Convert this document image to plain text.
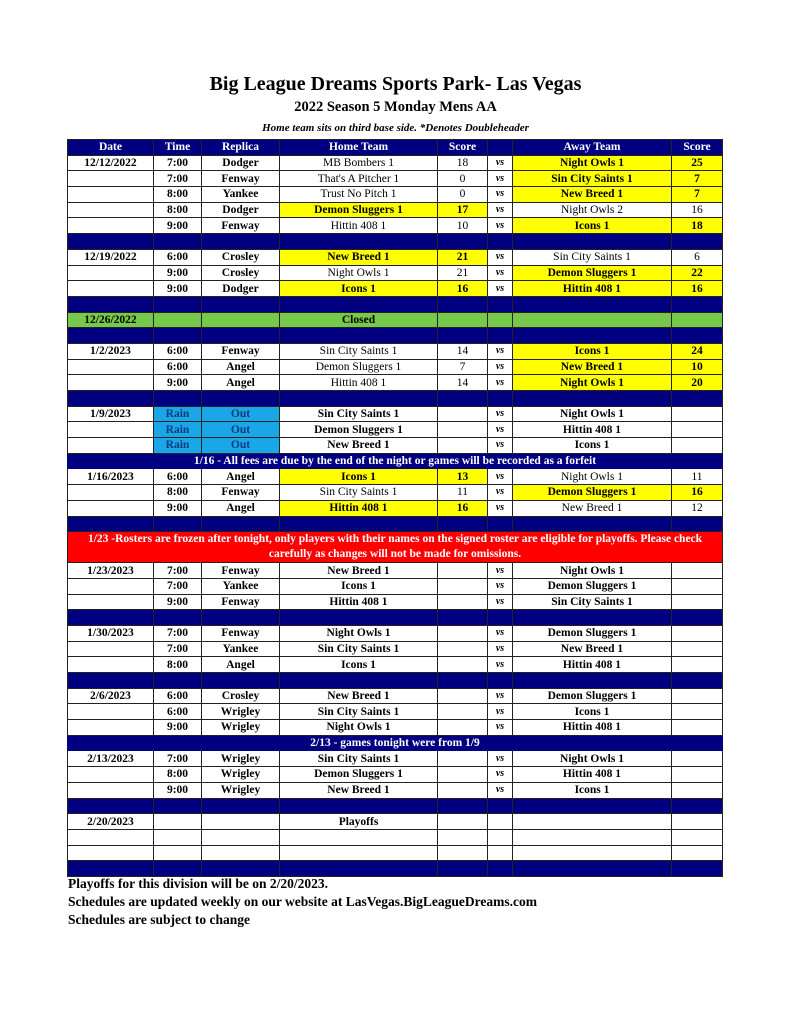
Big League Dreams Sports Park- Las Vegas
2022 Season 5 Monday Mens AA
Home team sits on third base side. *Denotes Doubleheader
Date	Time	Replica	Home Team	Score		Away Team	Score
12/12/2022	7:00	Dodger	MB Bombers 1	18	vs	Night Owls 1	25
	7:00	Fenway	That's A Pitcher 1	0	vs	Sin City Saints 1	7
	8:00	Yankee	Trust No Pitch 1	0	vs	New Breed 1	7
	8:00	Dodger	Demon Sluggers 1	17	vs	Night Owls 2	16
	9:00	Fenway	Hittin 408 1	10	vs	Icons 1	18

12/19/2022	6:00	Crosley	New Breed 1	21	vs	Sin City Saints 1	6
	9:00	Crosley	Night Owls 1	21	vs	Demon Sluggers 1	22
	9:00	Dodger	Icons 1	16	vs	Hittin 408 1	16

12/26/2022			Closed				

1/2/2023	6:00	Fenway	Sin City Saints 1	14	vs	Icons 1	24
	6:00	Angel	Demon Sluggers 1	7	vs	New Breed 1	10
	9:00	Angel	Hittin 408 1	14	vs	Night Owls 1	20

1/9/2023	Rain	Out	Sin City Saints 1		vs	Night Owls 1	
	Rain	Out	Demon Sluggers 1		vs	Hittin 408 1	
	Rain	Out	New Breed 1		vs	Icons 1	
1/16 - All fees are due by the end of the night or games will be recorded as a forfeit							
1/16/2023	6:00	Angel	Icons 1	13	vs	Night Owls 1	11
	8:00	Fenway	Sin City Saints 1	11	vs	Demon Sluggers 1	16
	9:00	Angel	Hittin 408 1	16	vs	New Breed 1	12

1/23 -Rosters are frozen after tonight, only players with their names on the signed roster are eligible for playoffs. Please check carefully as changes will not be made for omissions.							
1/23/2023	7:00	Fenway	New Breed 1		vs	Night Owls 1	
	7:00	Yankee	Icons 1		vs	Demon Sluggers 1	
	9:00	Fenway	Hittin 408 1		vs	Sin City Saints 1	

1/30/2023	7:00	Fenway	Night Owls 1		vs	Demon Sluggers 1	
	7:00	Yankee	Sin City Saints 1		vs	New Breed 1	
	8:00	Angel	Icons 1		vs	Hittin 408 1	

2/6/2023	6:00	Crosley	New Breed 1		vs	Demon Sluggers 1	
	6:00	Wrigley	Sin City Saints 1		vs	Icons 1	
	9:00	Wrigley	Night Owls 1		vs	Hittin 408 1	
2/13 - games tonight were from 1/9							
2/13/2023	7:00	Wrigley	Sin City Saints 1		vs	Night Owls 1	
	8:00	Wrigley	Demon Sluggers 1		vs	Hittin 408 1	
	9:00	Wrigley	New Breed 1		vs	Icons 1	

2/20/2023			Playoffs				

Playoffs for this division will be on 2/20/2023.
Schedules are updated weekly on our website at LasVegas.BigLeagueDreams.com
Schedules are subject to change
